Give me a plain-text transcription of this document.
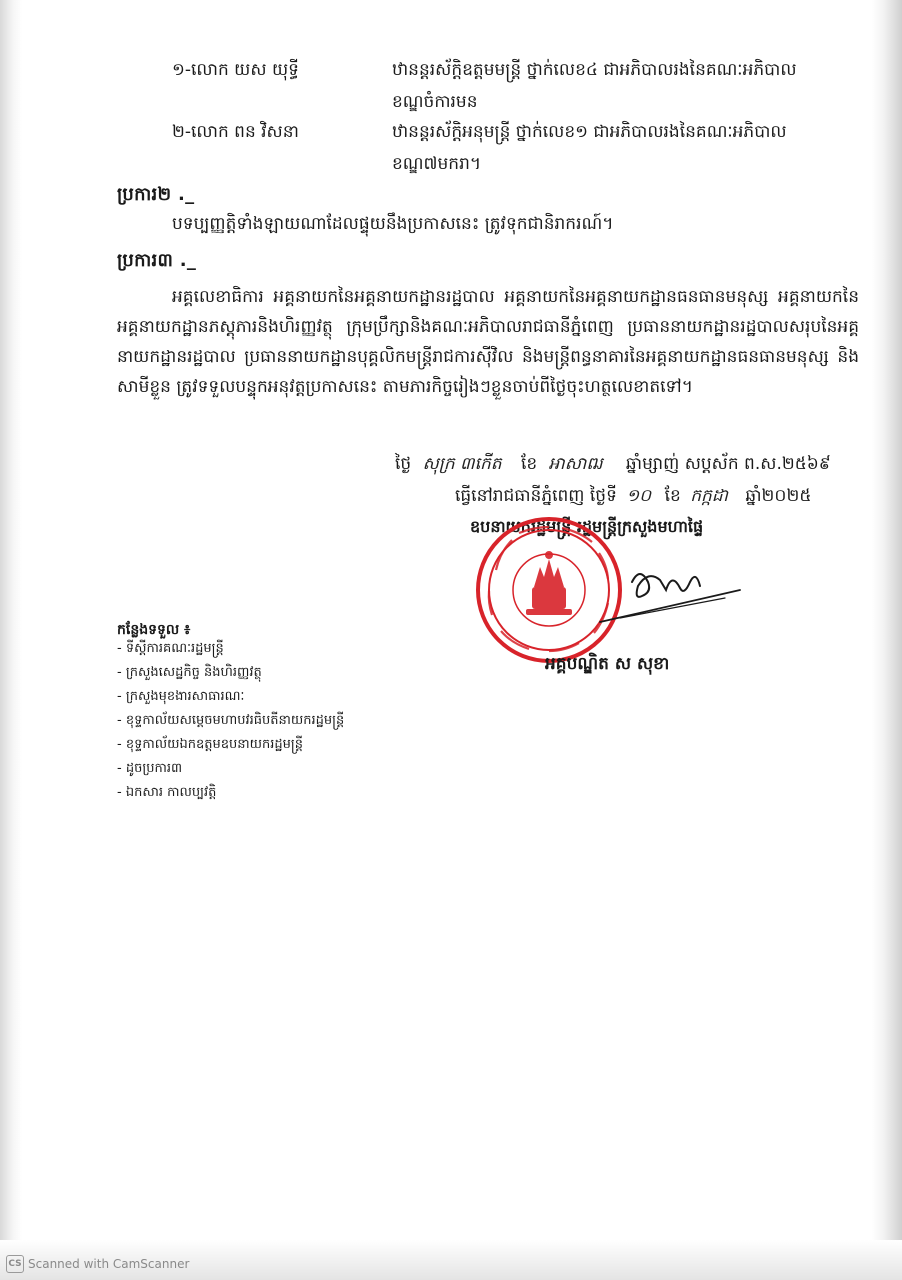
១-លោក យស យុទ្ធី	ឋានន្តរស័ក្តិឧត្តមមន្ត្រី ថ្នាក់លេខ៤ ជាអភិបាលរងនៃគណៈអភិបាល
ខណ្ឌចំការមន
២-លោក ពន វិសនា	ឋានន្តរស័ក្តិអនុមន្ត្រី ថ្នាក់លេខ១ ជាអភិបាលរងនៃគណៈអភិបាល
ខណ្ឌ៧មករា។
ប្រការ២ ._
បទប្បញ្ញត្តិទាំងឡាយណាដែលផ្ទុយនឹងប្រកាសនេះ ត្រូវទុកជានិរាករណ៍។
ប្រការ៣ ._
អគ្គលេខាធិការ អគ្គនាយកនៃអគ្គនាយកដ្ឋានរដ្ឋបាល អគ្គនាយកនៃអគ្គនាយកដ្ឋានធនធានមនុស្ស អគ្គនាយកនៃអគ្គនាយកដ្ឋានភស្តុភារនិងហិរញ្ញវត្ថុ ក្រុមប្រឹក្សានិងគណៈអភិបាលរាជធានីភ្នំពេញ ប្រធាននាយកដ្ឋានរដ្ឋបាលសរុបនៃអគ្គនាយកដ្ឋានរដ្ឋបាល ប្រធាននាយកដ្ឋានបុគ្គលិកមន្ត្រីរាជការស៊ីវិល និងមន្ត្រីពន្ធនាគារនៃអគ្គនាយកដ្ឋានធនធានមនុស្ស និងសាមីខ្លួន ត្រូវទទួលបន្ទុកអនុវត្តប្រកាសនេះ តាមភារកិច្ចរៀងៗខ្លួនចាប់ពីថ្ងៃចុះហត្ថលេខាតទៅ។
ថ្ងៃ សុក្រ ៣កើត ខែ អាសាឍ ឆ្នាំម្សាញ់ សប្តស័ក ព.ស.២៥៦៩
ធ្វើនៅរាជធានីភ្នំពេញ ថ្ងៃទី ១០ ខែ កក្កដា ឆ្នាំ២០២៥
ឧបនាយករដ្ឋមន្ត្រី រដ្ឋមន្ត្រីក្រសួងមហាផ្ទៃ
អគ្គបណ្ឌិត ស សុខា
កន្លែងទទួល ៖
- ទីស្តីការគណៈរដ្ឋមន្ត្រី
- ក្រសួងសេដ្ឋកិច្ច និងហិរញ្ញវត្ថុ
- ក្រសួងមុខងារសាធារណៈ
- ខុទ្ទកាល័យសម្តេចមហាបវរធិបតីនាយករដ្ឋមន្ត្រី
- ខុទ្ទកាល័យឯកឧត្តមឧបនាយករដ្ឋមន្ត្រី
- ដូចប្រការ៣
- ឯកសារ កាលប្បវត្តិ
CS Scanned with CamScanner
